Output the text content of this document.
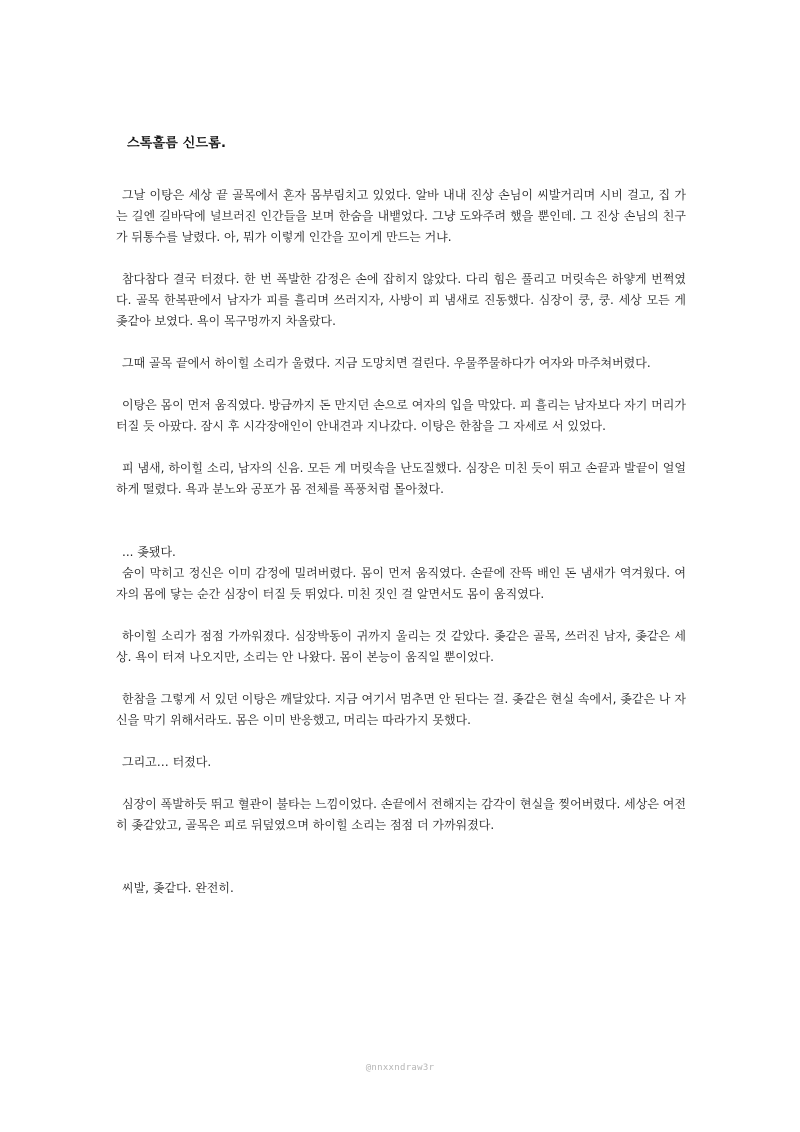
스톡홀름 신드롬.

그날 이탕은 세상 끝 골목에서 혼자 몸부림치고 있었다. 알바 내내 진상 손님이 씨발거리며 시비 걸고, 집 가는 길엔 길바닥에 널브러진 인간들을 보며 한숨을 내뱉었다. 그냥 도와주려 했을 뿐인데. 그 진상 손님의 친구가 뒤통수를 날렸다. 아, 뭐가 이렇게 인간을 꼬이게 만드는 거냐.

참다참다 결국 터졌다. 한 번 폭발한 감정은 손에 잡히지 않았다. 다리 힘은 풀리고 머릿속은 하얗게 번쩍였다. 골목 한복판에서 남자가 피를 흘리며 쓰러지자, 사방이 피 냄새로 진동했다. 심장이 쿵, 쿵. 세상 모든 게 좆같아 보였다. 욕이 목구멍까지 차올랐다.

그때 골목 끝에서 하이힐 소리가 울렸다. 지금 도망치면 걸린다. 우물쭈물하다가 여자와 마주쳐버렸다.

이탕은 몸이 먼저 움직였다. 방금까지 돈 만지던 손으로 여자의 입을 막았다. 피 흘리는 남자보다 자기 머리가 터질 듯 아팠다. 잠시 후 시각장애인이 안내견과 지나갔다. 이탕은 한참을 그 자세로 서 있었다.

피 냄새, 하이힐 소리, 남자의 신음. 모든 게 머릿속을 난도질했다. 심장은 미친 듯이 뛰고 손끝과 발끝이 얼얼하게 떨렸다. 욕과 분노와 공포가 몸 전체를 폭풍처럼 몰아쳤다.

... 좆됐다.

숨이 막히고 정신은 이미 감정에 밀려버렸다. 몸이 먼저 움직였다. 손끝에 잔뜩 배인 돈 냄새가 역겨웠다. 여자의 몸에 닿는 순간 심장이 터질 듯 뛰었다. 미친 짓인 걸 알면서도 몸이 움직였다.

하이힐 소리가 점점 가까워졌다. 심장박동이 귀까지 울리는 것 같았다. 좆같은 골목, 쓰러진 남자, 좆같은 세상. 욕이 터져 나오지만, 소리는 안 나왔다. 몸이 본능이 움직일 뿐이었다.

한참을 그렇게 서 있던 이탕은 깨달았다. 지금 여기서 멈추면 안 된다는 걸. 좆같은 현실 속에서, 좆같은 나 자신을 막기 위해서라도. 몸은 이미 반응했고, 머리는 따라가지 못했다.

그리고… 터졌다.

심장이 폭발하듯 뛰고 혈관이 불타는 느낌이었다. 손끝에서 전해지는 감각이 현실을 찢어버렸다. 세상은 여전히 좆같았고, 골목은 피로 뒤덮였으며 하이힐 소리는 점점 더 가까워졌다.

씨발, 좆같다. 완전히.

@nnxxndraw3r
